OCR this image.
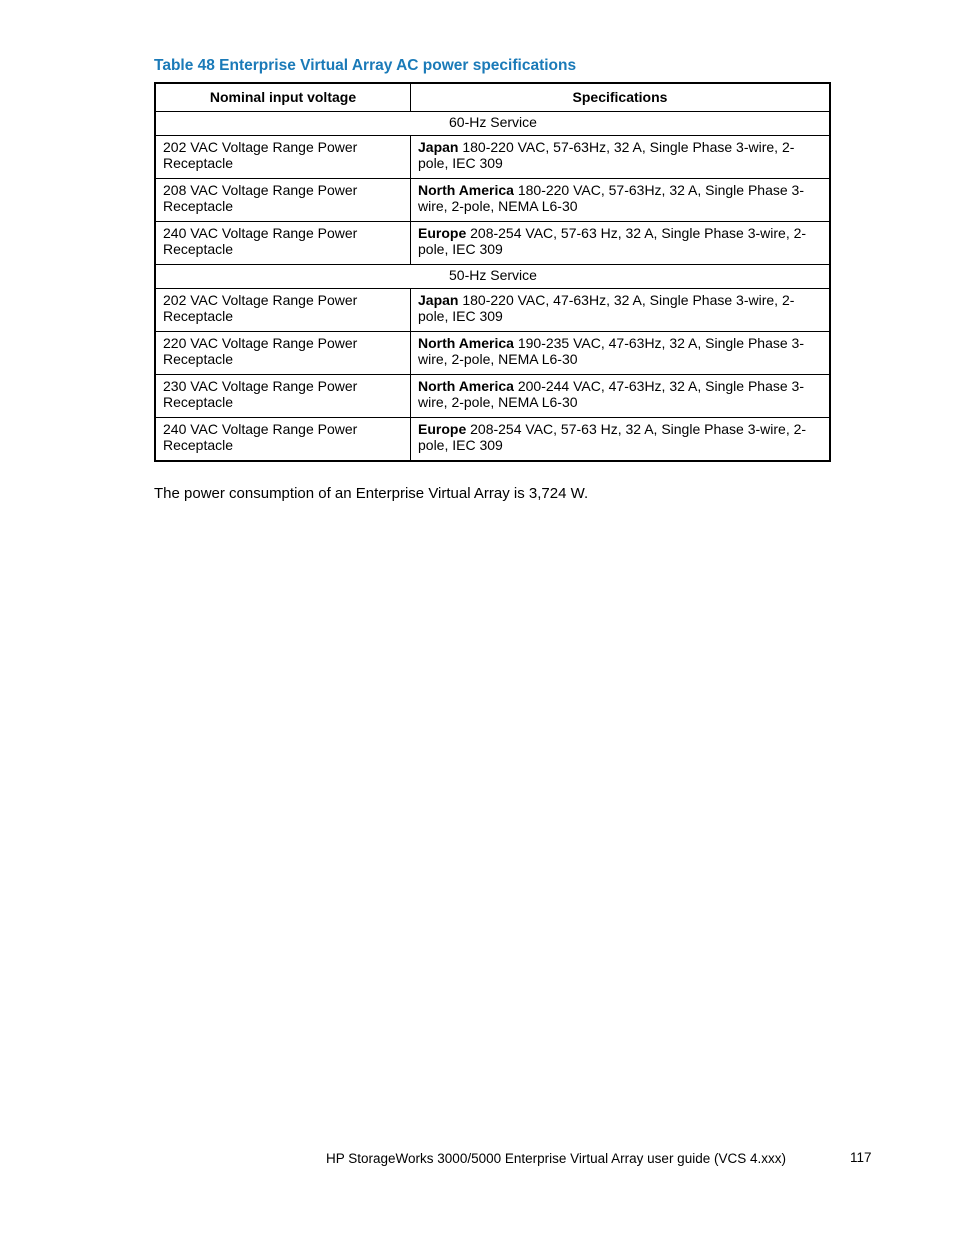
Table 48 Enterprise Virtual Array AC power specifications
Nominal input voltage	Specifications
60-Hz Service	
202 VAC Voltage Range Power Receptacle	Japan 180-220 VAC, 57-63Hz, 32 A, Single Phase 3-wire, 2-pole, IEC 309
208 VAC Voltage Range Power Receptacle	North America 180-220 VAC, 57-63Hz, 32 A, Single Phase 3-wire, 2-pole, NEMA L6-30
240 VAC Voltage Range Power Receptacle	Europe 208-254 VAC, 57-63 Hz, 32 A, Single Phase 3-wire, 2-pole, IEC 309
50-Hz Service	
202 VAC Voltage Range Power Receptacle	Japan 180-220 VAC, 47-63Hz, 32 A, Single Phase 3-wire, 2-pole, IEC 309
220 VAC Voltage Range Power Receptacle	North America 190-235 VAC, 47-63Hz, 32 A, Single Phase 3-wire, 2-pole, NEMA L6-30
230 VAC Voltage Range Power Receptacle	North America 200-244 VAC, 47-63Hz, 32 A, Single Phase 3-wire, 2-pole, NEMA L6-30
240 VAC Voltage Range Power Receptacle	Europe 208-254 VAC, 57-63 Hz, 32 A, Single Phase 3-wire, 2-pole, IEC 309
The power consumption of an Enterprise Virtual Array is 3,724 W.
HP StorageWorks 3000/5000 Enterprise Virtual Array user guide (VCS 4.xxx)	117
